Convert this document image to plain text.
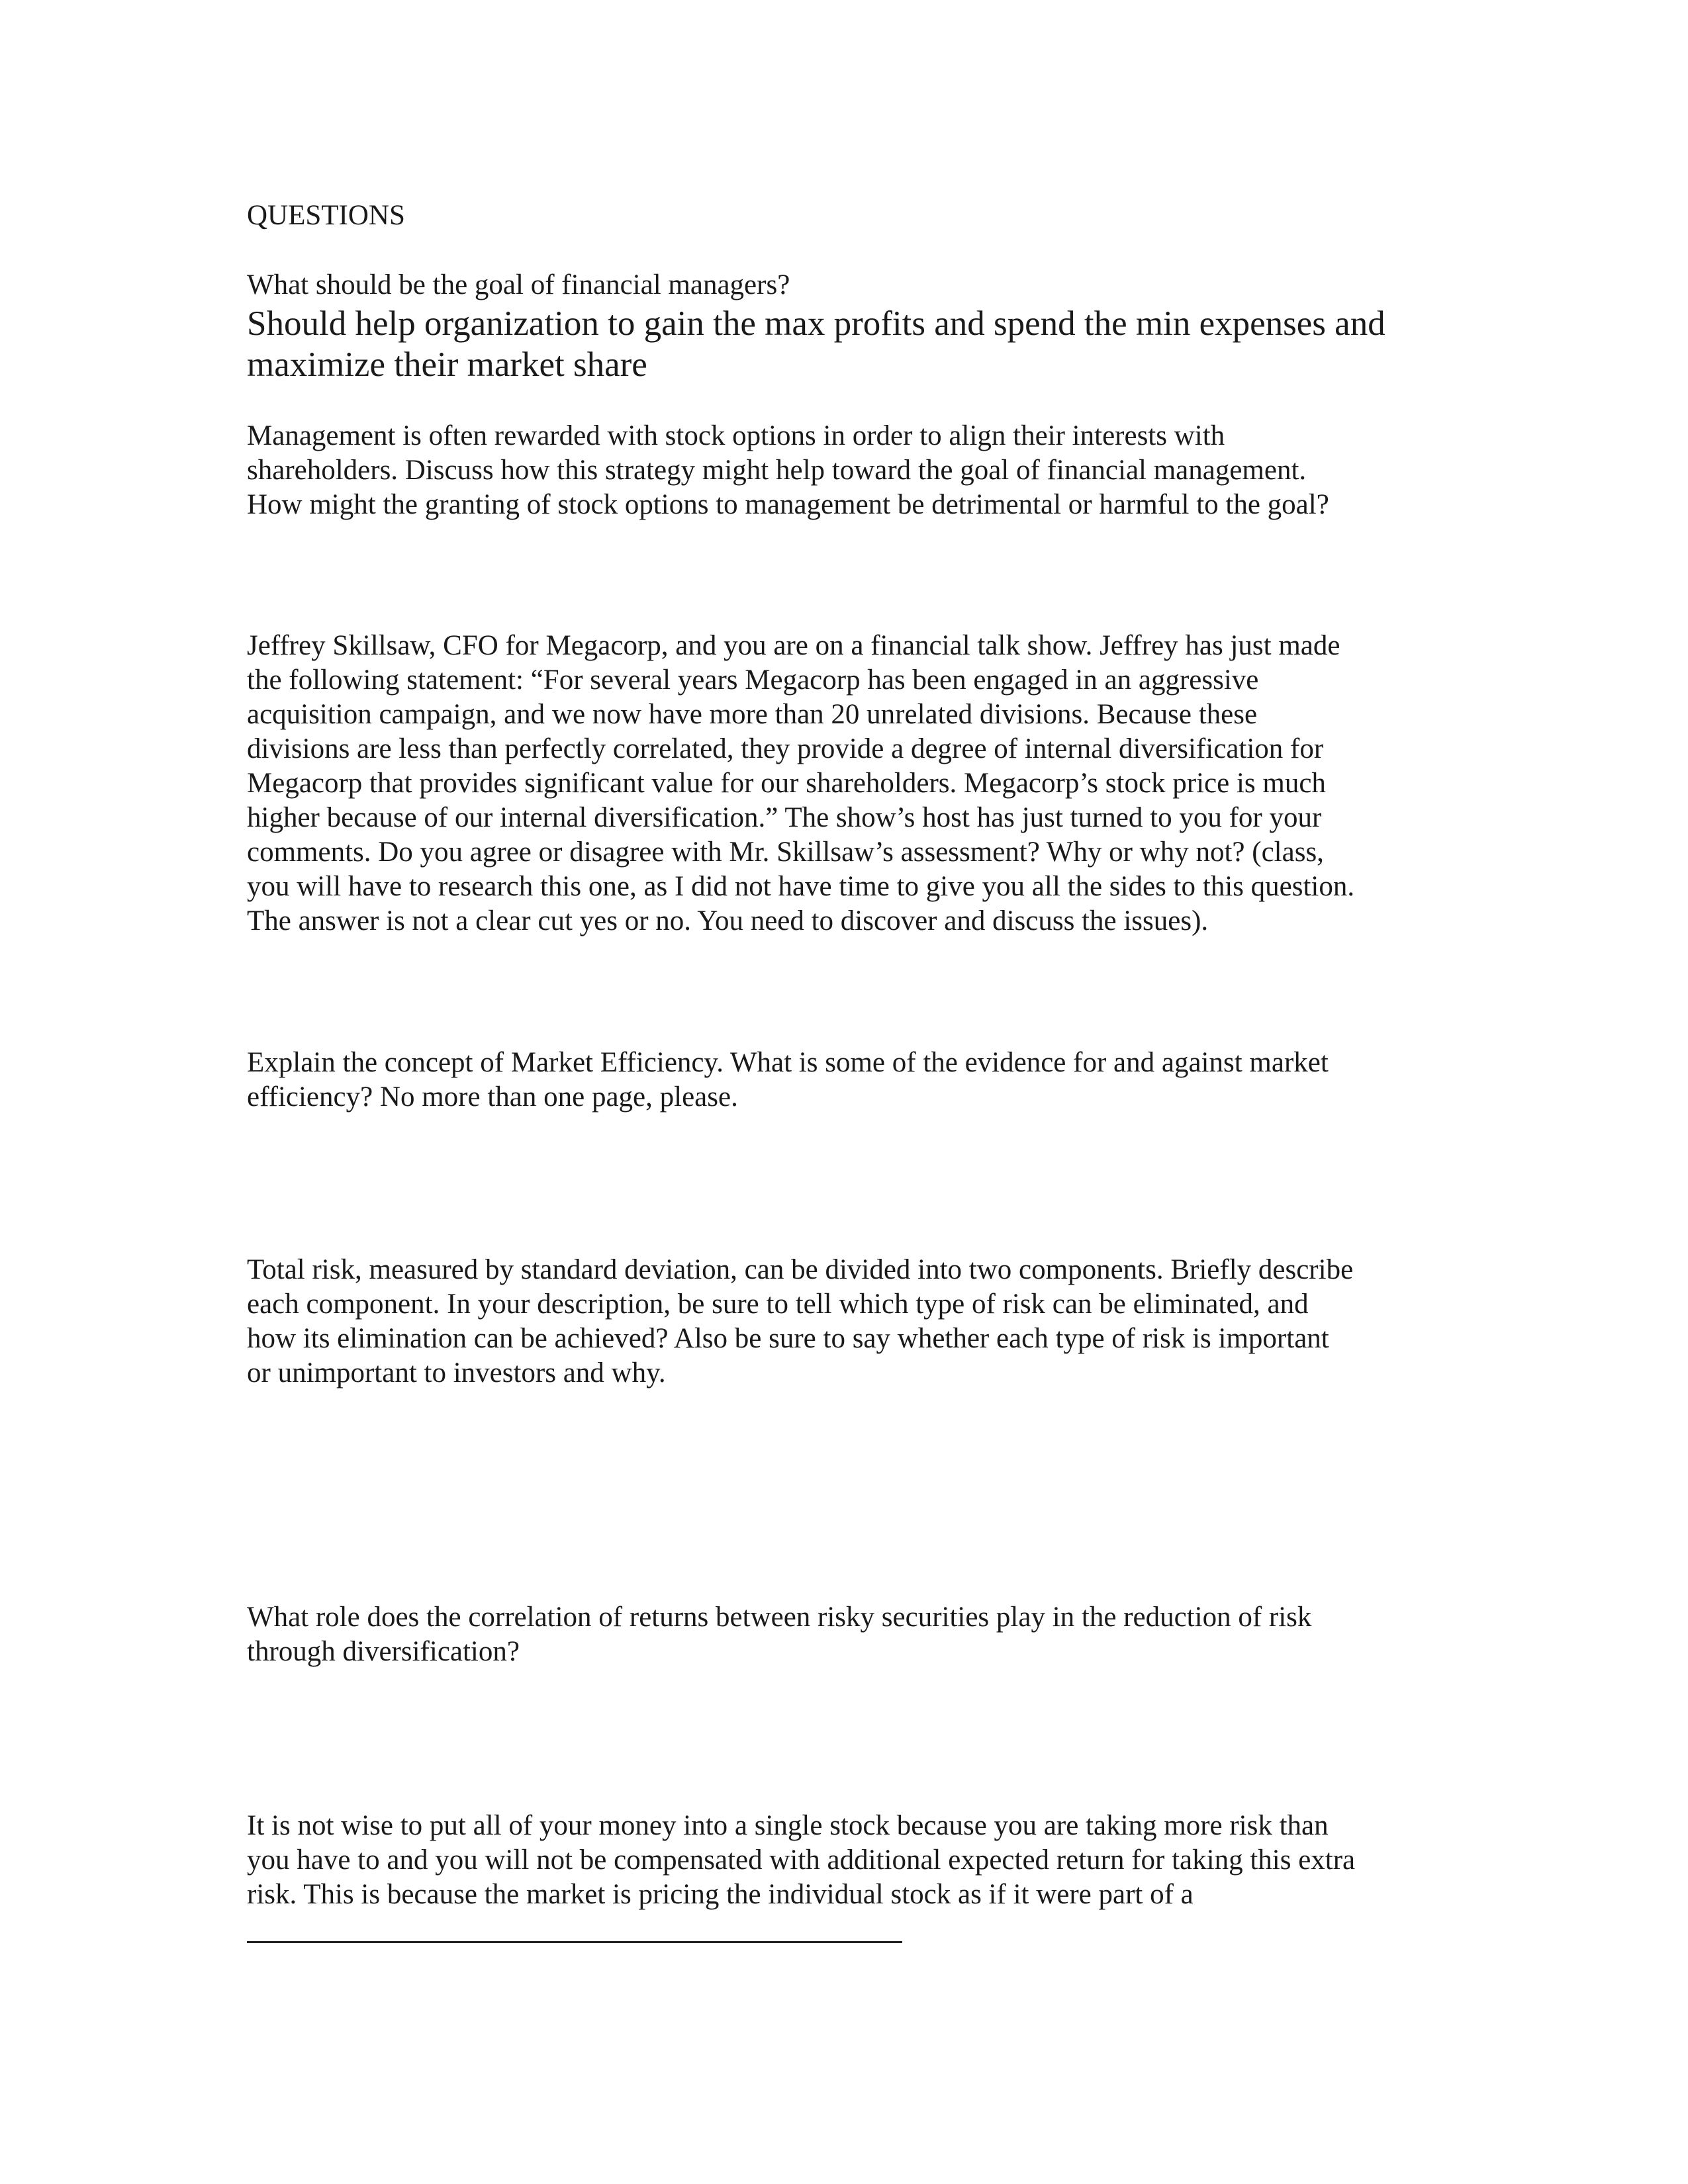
QUESTIONS

What should be the goal of financial managers?

Should help organization to gain the max profits and spend the min expenses and
maximize their market share
Management is often rewarded with stock options in order to align their interests with
shareholders. Discuss how this strategy might help toward the goal of financial management.
How might the granting of stock options to management be detrimental or harmful to the goal?
Jeffrey Skillsaw, CFO for Megacorp, and you are on a financial talk show. Jeffrey has just made
the following statement: “For several years Megacorp has been engaged in an aggressive
acquisition campaign, and we now have more than 20 unrelated divisions. Because these
divisions are less than perfectly correlated, they provide a degree of internal diversification for
Megacorp that provides significant value for our shareholders. Megacorp’s stock price is much
higher because of our internal diversification.” The show’s host has just turned to you for your
comments. Do you agree or disagree with Mr. Skillsaw’s assessment? Why or why not? (class,
you will have to research this one, as I did not have time to give you all the sides to this question.
The answer is not a clear cut yes or no. You need to discover and discuss the issues).
Explain the concept of Market Efficiency. What is some of the evidence for and against market
efficiency? No more than one page, please.
Total risk, measured by standard deviation, can be divided into two components. Briefly describe
each component. In your description, be sure to tell which type of risk can be eliminated, and
how its elimination can be achieved? Also be sure to say whether each type of risk is important
or unimportant to investors and why.
What role does the correlation of returns between risky securities play in the reduction of risk
through diversification?
It is not wise to put all of your money into a single stock because you are taking more risk than
you have to and you will not be compensated with additional expected return for taking this extra
risk. This is because the market is pricing the individual stock as if it were part of a
